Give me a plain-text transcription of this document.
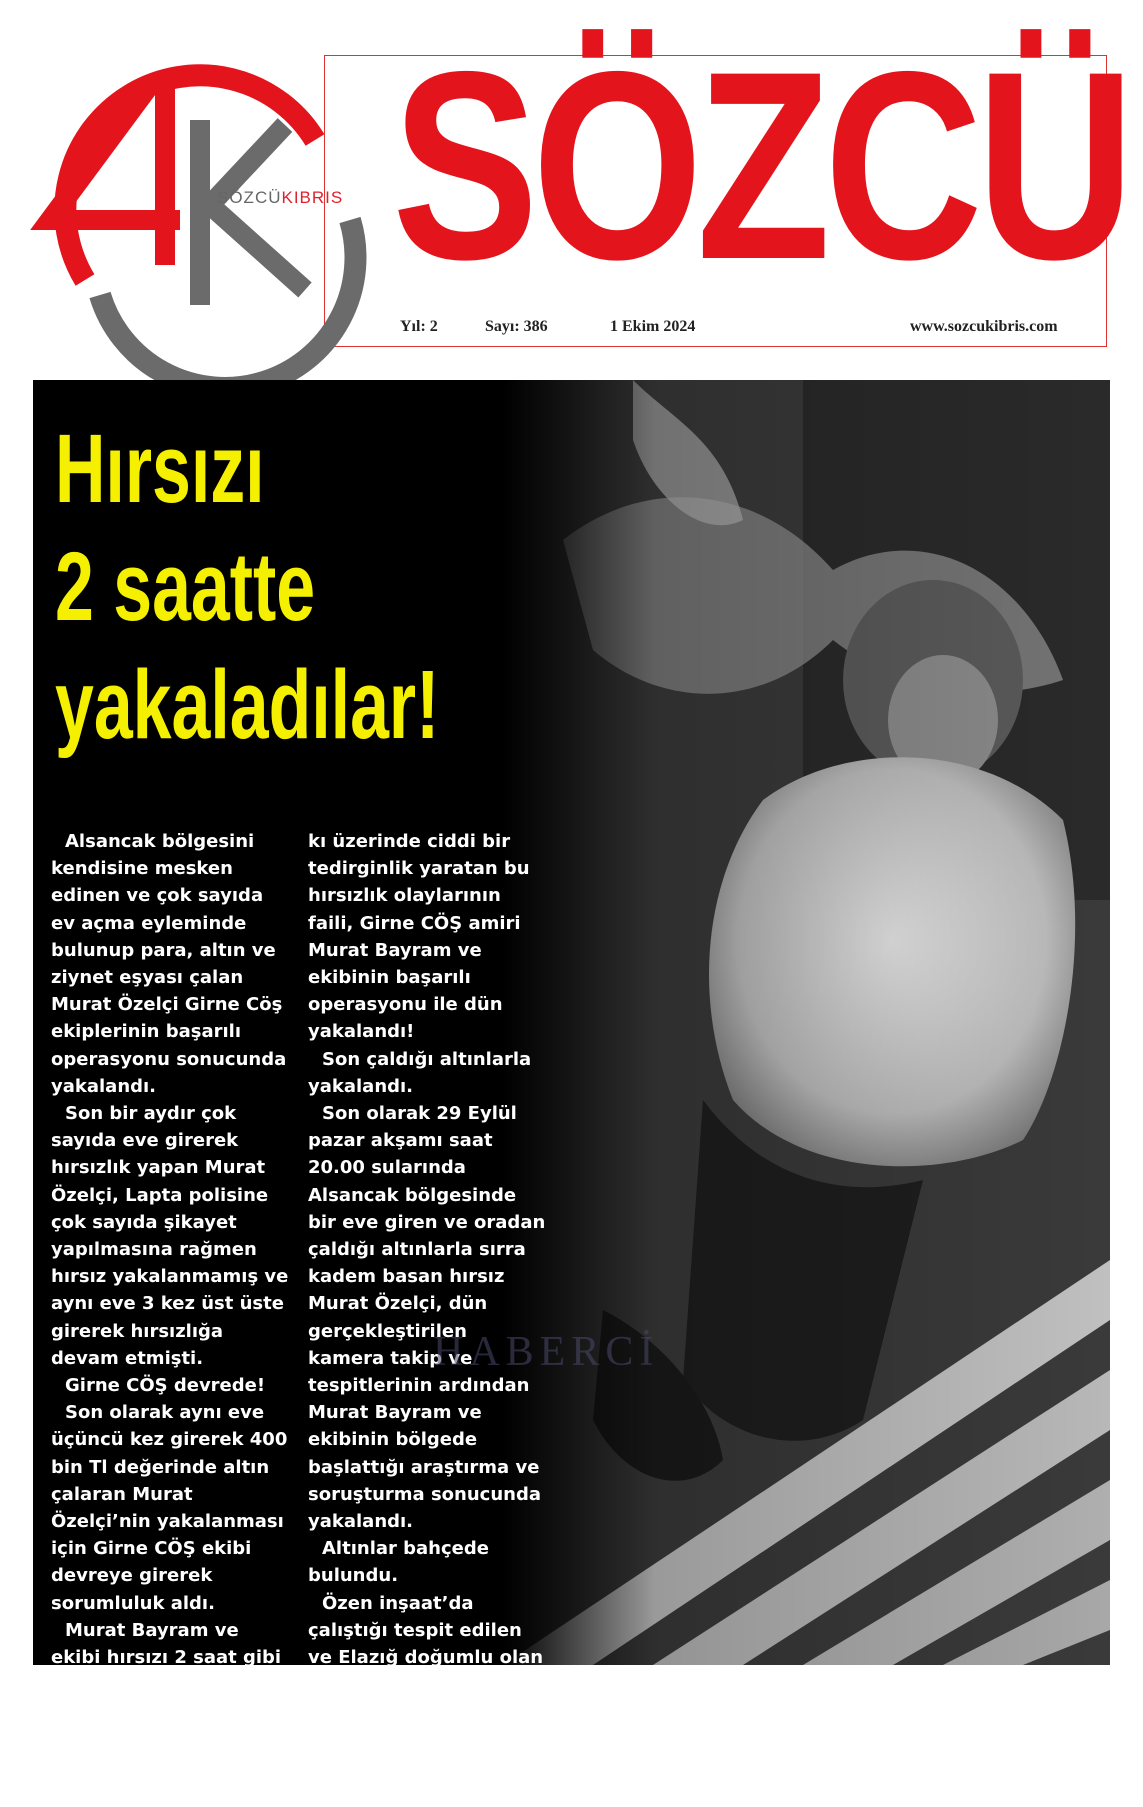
SÖZCÜKIBRIS SÖZCÜ
Yıl: 2	Sayı: 386	1 Ekim 2024	www.sozcukibris.com
Hırsızı
2 saatte
yakaladılar!

Alsancak bölgesini kendisine mesken edinen ve çok sayıda ev açma eyleminde bulunup para, altın ve ziynet eşyası çalan Murat Özelçi Girne Cöş ekiplerinin başarılı operasyonu sonucunda yakalandı.

Son bir aydır çok sayıda eve girerek hırsızlık yapan Murat Özelçi, Lapta polisine çok sayıda şikayet yapılmasına rağmen hırsız yakalanmamış ve aynı eve 3 kez üst üste girerek hırsızlığa devam etmişti.

Girne CÖŞ devrede!

Son olarak aynı eve üçüncü kez girerek 400 bin Tl değerinde altın çalaran Murat Özelçi’nin yakalanması için Girne CÖŞ ekibi devreye girerek sorumluluk aldı.

Murat Bayram ve ekibi hırsızı 2 saat gibi kısa bir sürede yakaladı!

Alsancakta adeta huzur bırakmayan ve bölge hal-

kı üzerinde ciddi bir tedirginlik yaratan bu hırsızlık olaylarının faili, Girne CÖŞ amiri Murat Bayram ve ekibinin başarılı operasyonu ile dün yakalandı!

Son çaldığı altınlarla yakalandı.

Son olarak 29 Eylül pazar akşamı saat 20.00 sularında Alsancak bölgesinde bir eve giren ve oradan çaldığı altınlarla sırra kadem basan hırsız Murat Özelçi, dün gerçekleştirilen kamera takip ve tespitlerinin ardından Murat Bayram ve ekibinin bölgede başlattığı araştırma ve soruşturma sonucunda yakalandı.

Altınlar bahçede bulundu.

Özen inşaat’da çalıştığı tespit edilen ve Elazığ doğumlu olan Murat Özelçinin çalmış olduğu altınlar ikamet etmekte olduğu bahçe içersinde bulundu.

HABERCİ
